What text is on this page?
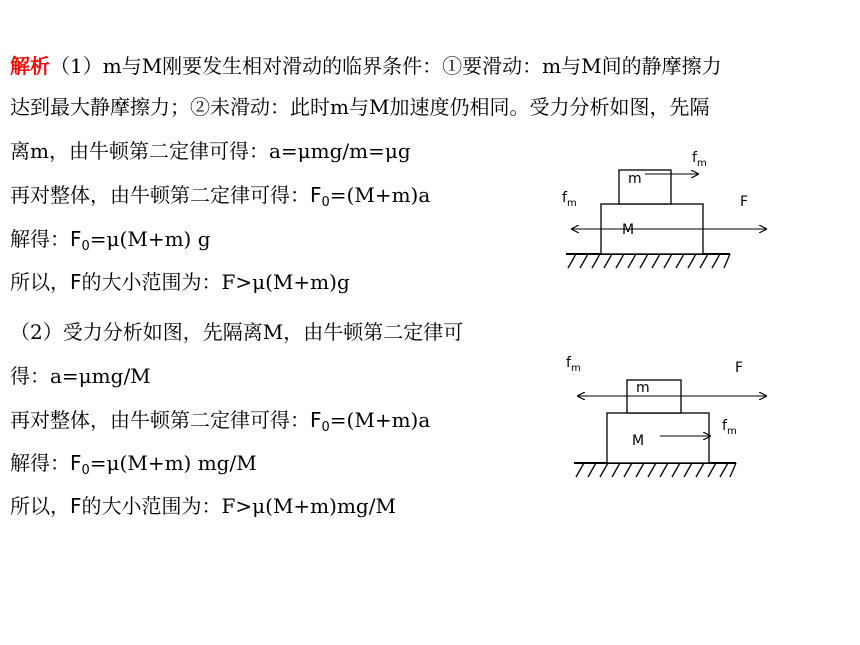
解析（1）m与M刚要发生相对滑动的临界条件：①要滑动：m与M间的静摩擦力
达到最大静摩擦力；②未滑动：此时m与M加速度仍相同。受力分析如图，先隔
离m，由牛顿第二定律可得：a=μmg/m=μg
再对整体，由牛顿第二定律可得：$F_0=(M+m)a$
解得：$F_0=\mu(M+m)$ g
所以，F的大小范围为：F>μ(M+m)g
（2）受力分析如图，先隔离M，由牛顿第二定律可
得：a=μmg/M
再对整体，由牛顿第二定律可得：$F_0=(M+m)a$
解得：$F_0=\mu(M+m)$ mg/M
所以，F的大小范围为：F>μ(M+m)mg/M
m
M
$f_m$
$f_m$	F
m
M
$f_m$	F
$f_m$
